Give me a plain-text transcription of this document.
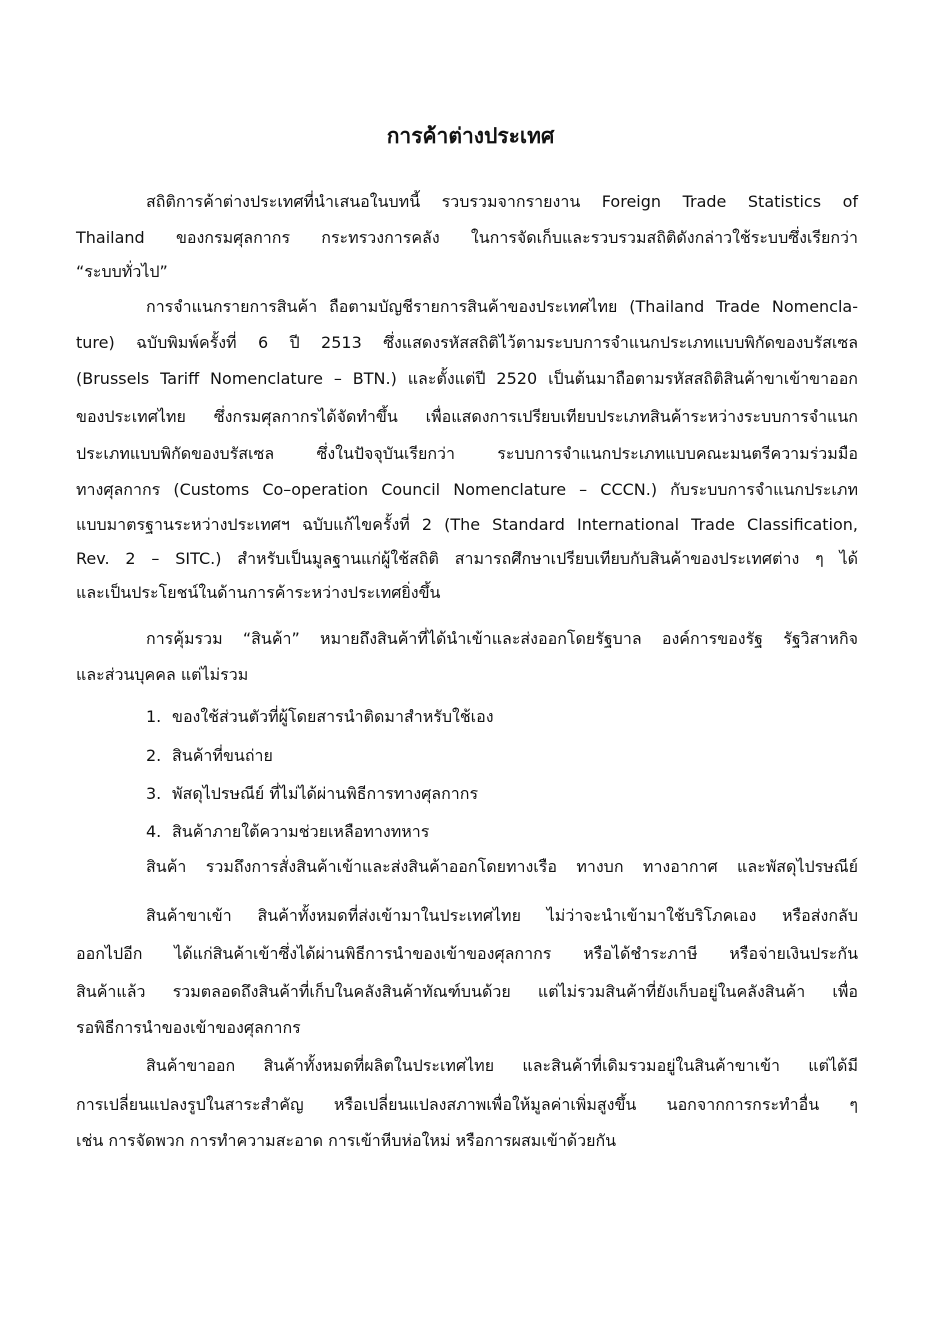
การค้าต่างประเทศ
สถิติการค้าต่างประเทศที่นำเสนอในบทนี้ รวบรวมจากรายงาน Foreign Trade Statistics of
Thailand ของกรมศุลกากร กระทรวงการคลัง ในการจัดเก็บและรวบรวมสถิติดังกล่าวใช้ระบบซึ่งเรียกว่า
“ระบบทั่วไป”
การจำแนกรายการสินค้า ถือตามบัญชีรายการสินค้าของประเทศไทย (Thailand Trade Nomencla-
ture) ฉบับพิมพ์ครั้งที่ 6 ปี 2513 ซึ่งแสดงรหัสสถิติไว้ตามระบบการจำแนกประเภทแบบพิกัดของบรัสเซล
(Brussels Tariff Nomenclature – BTN.) และตั้งแต่ปี 2520 เป็นต้นมาถือตามรหัสสถิติสินค้าขาเข้าขาออก
ของประเทศไทย ซึ่งกรมศุลกากรได้จัดทำขึ้น เพื่อแสดงการเปรียบเทียบประเภทสินค้าระหว่างระบบการจำแนก
ประเภทแบบพิกัดของบรัสเซล ซึ่งในปัจจุบันเรียกว่า ระบบการจำแนกประเภทแบบคณะมนตรีความร่วมมือ
ทางศุลกากร (Customs Co–operation Council Nomenclature – CCCN.) กับระบบการจำแนกประเภท
แบบมาตรฐานระหว่างประเทศฯ ฉบับแก้ไขครั้งที่ 2 (The Standard International Trade Classification,
Rev. 2 – SITC.) สำหรับเป็นมูลฐานแก่ผู้ใช้สถิติ สามารถศึกษาเปรียบเทียบกับสินค้าของประเทศต่าง ๆ ได้
และเป็นประโยชน์ในด้านการค้าระหว่างประเทศยิ่งขึ้น
การคุ้มรวม “สินค้า” หมายถึงสินค้าที่ได้นำเข้าและส่งออกโดยรัฐบาล องค์การของรัฐ รัฐวิสาหกิจ
และส่วนบุคคล แต่ไม่รวม
1. ของใช้ส่วนตัวที่ผู้โดยสารนำติดมาสำหรับใช้เอง
2. สินค้าที่ขนถ่าย
3. พัสดุไปรษณีย์ ที่ไม่ได้ผ่านพิธีการทางศุลกากร
4. สินค้าภายใต้ความช่วยเหลือทางทหาร
สินค้า รวมถึงการสั่งสินค้าเข้าและส่งสินค้าออกโดยทางเรือ ทางบก ทางอากาศ และพัสดุไปรษณีย์
สินค้าขาเข้า สินค้าทั้งหมดที่ส่งเข้ามาในประเทศไทย ไม่ว่าจะนำเข้ามาใช้บริโภคเอง หรือส่งกลับ
ออกไปอีก ได้แก่สินค้าเข้าซึ่งได้ผ่านพิธีการนำของเข้าของศุลกากร หรือได้ชำระภาษี หรือจ่ายเงินประกัน
สินค้าแล้ว รวมตลอดถึงสินค้าที่เก็บในคลังสินค้าทัณฑ์บนด้วย แต่ไม่รวมสินค้าที่ยังเก็บอยู่ในคลังสินค้า เพื่อ
รอพิธีการนำของเข้าของศุลกากร
สินค้าขาออก สินค้าทั้งหมดที่ผลิตในประเทศไทย และสินค้าที่เดิมรวมอยู่ในสินค้าขาเข้า แต่ได้มี
การเปลี่ยนแปลงรูปในสาระสำคัญ หรือเปลี่ยนแปลงสภาพเพื่อให้มูลค่าเพิ่มสูงขึ้น นอกจากการกระทำอื่น ๆ
เช่น การจัดพวก การทำความสะอาด การเข้าหีบห่อใหม่ หรือการผสมเข้าด้วยกัน
